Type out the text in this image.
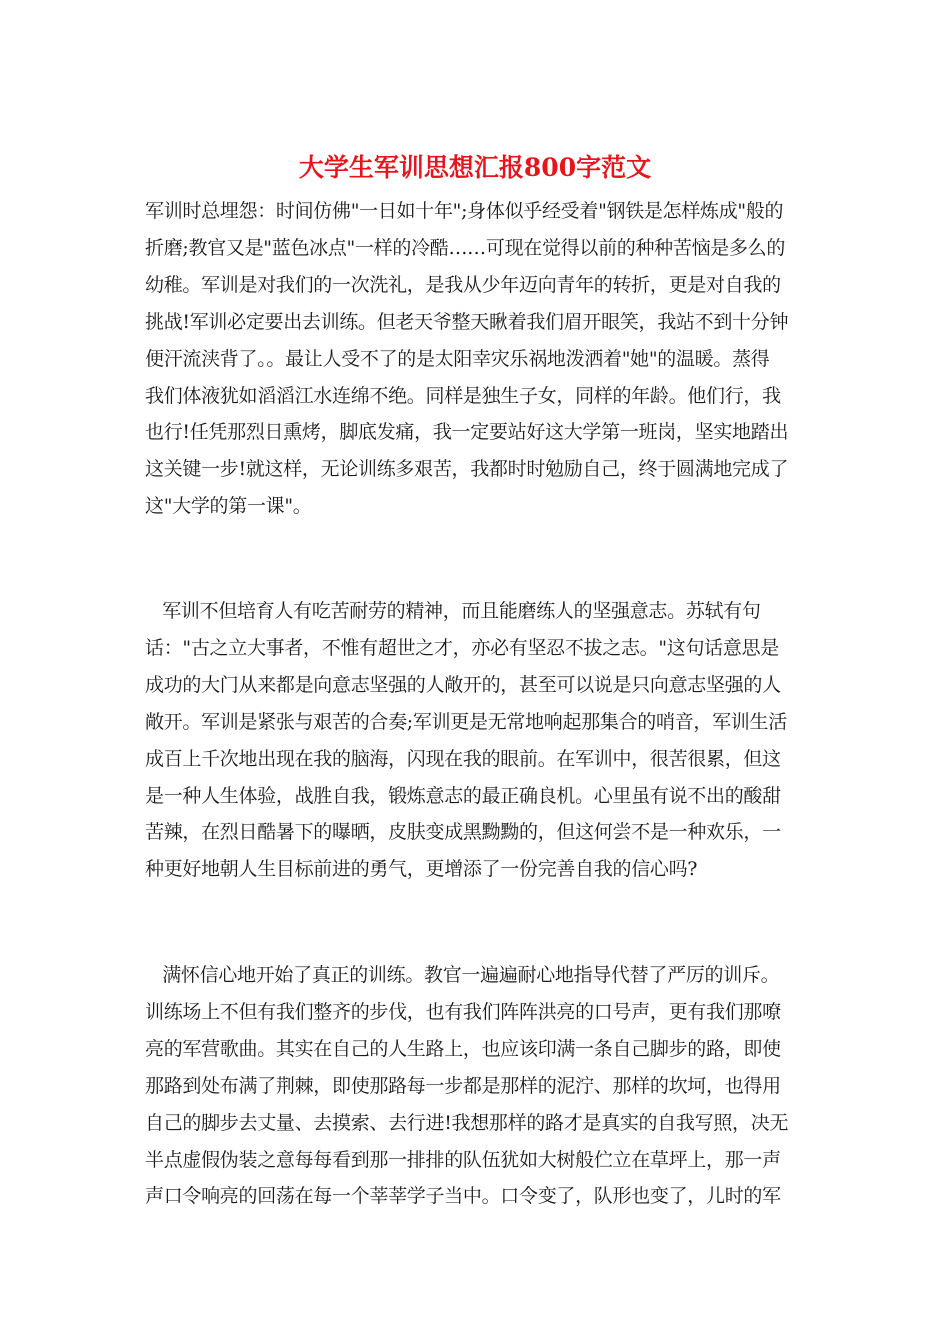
大学生军训思想汇报800字范文
军训时总埋怨：时间仿佛"一日如十年";身体似乎经受着"钢铁是怎样炼成"般的
折磨;教官又是"蓝色冰点"一样的冷酷……可现在觉得以前的种种苦恼是多么的
幼稚。军训是对我们的一次洗礼，是我从少年迈向青年的转折，更是对自我的
挑战!军训必定要出去训练。但老天爷整天瞅着我们眉开眼笑，我站不到十分钟
便汗流浃背了。。最让人受不了的是太阳幸灾乐祸地泼洒着"她"的温暖。蒸得
我们体液犹如滔滔江水连绵不绝。同样是独生子女，同样的年龄。他们行，我
也行!任凭那烈日熏烤，脚底发痛，我一定要站好这大学第一班岗，坚实地踏出
这关键一步!就这样，无论训练多艰苦，我都时时勉励自己，终于圆满地完成了
这"大学的第一课"。
军训不但培育人有吃苦耐劳的精神，而且能磨练人的坚强意志。苏轼有句
话："古之立大事者，不惟有超世之才，亦必有坚忍不拔之志。"这句话意思是
成功的大门从来都是向意志坚强的人敞开的，甚至可以说是只向意志坚强的人
敞开。军训是紧张与艰苦的合奏;军训更是无常地响起那集合的哨音，军训生活
成百上千次地出现在我的脑海，闪现在我的眼前。在军训中，很苦很累，但这
是一种人生体验，战胜自我，锻炼意志的最正确良机。心里虽有说不出的酸甜
苦辣，在烈日酷暑下的曝晒，皮肤变成黑黝黝的，但这何尝不是一种欢乐，一
种更好地朝人生目标前进的勇气，更增添了一份完善自我的信心吗?
满怀信心地开始了真正的训练。教官一遍遍耐心地指导代替了严厉的训斥。
训练场上不但有我们整齐的步伐，也有我们阵阵洪亮的口号声，更有我们那嘹
亮的军营歌曲。其实在自己的人生路上，也应该印满一条自己脚步的路，即使
那路到处布满了荆棘，即使那路每一步都是那样的泥泞、那样的坎坷，也得用
自己的脚步去丈量、去摸索、去行进!我想那样的路才是真实的自我写照，决无
半点虚假伪装之意每每看到那一排排的队伍犹如大树般伫立在草坪上，那一声
声口令响亮的回荡在每一个莘莘学子当中。口令变了，队形也变了，儿时的军
